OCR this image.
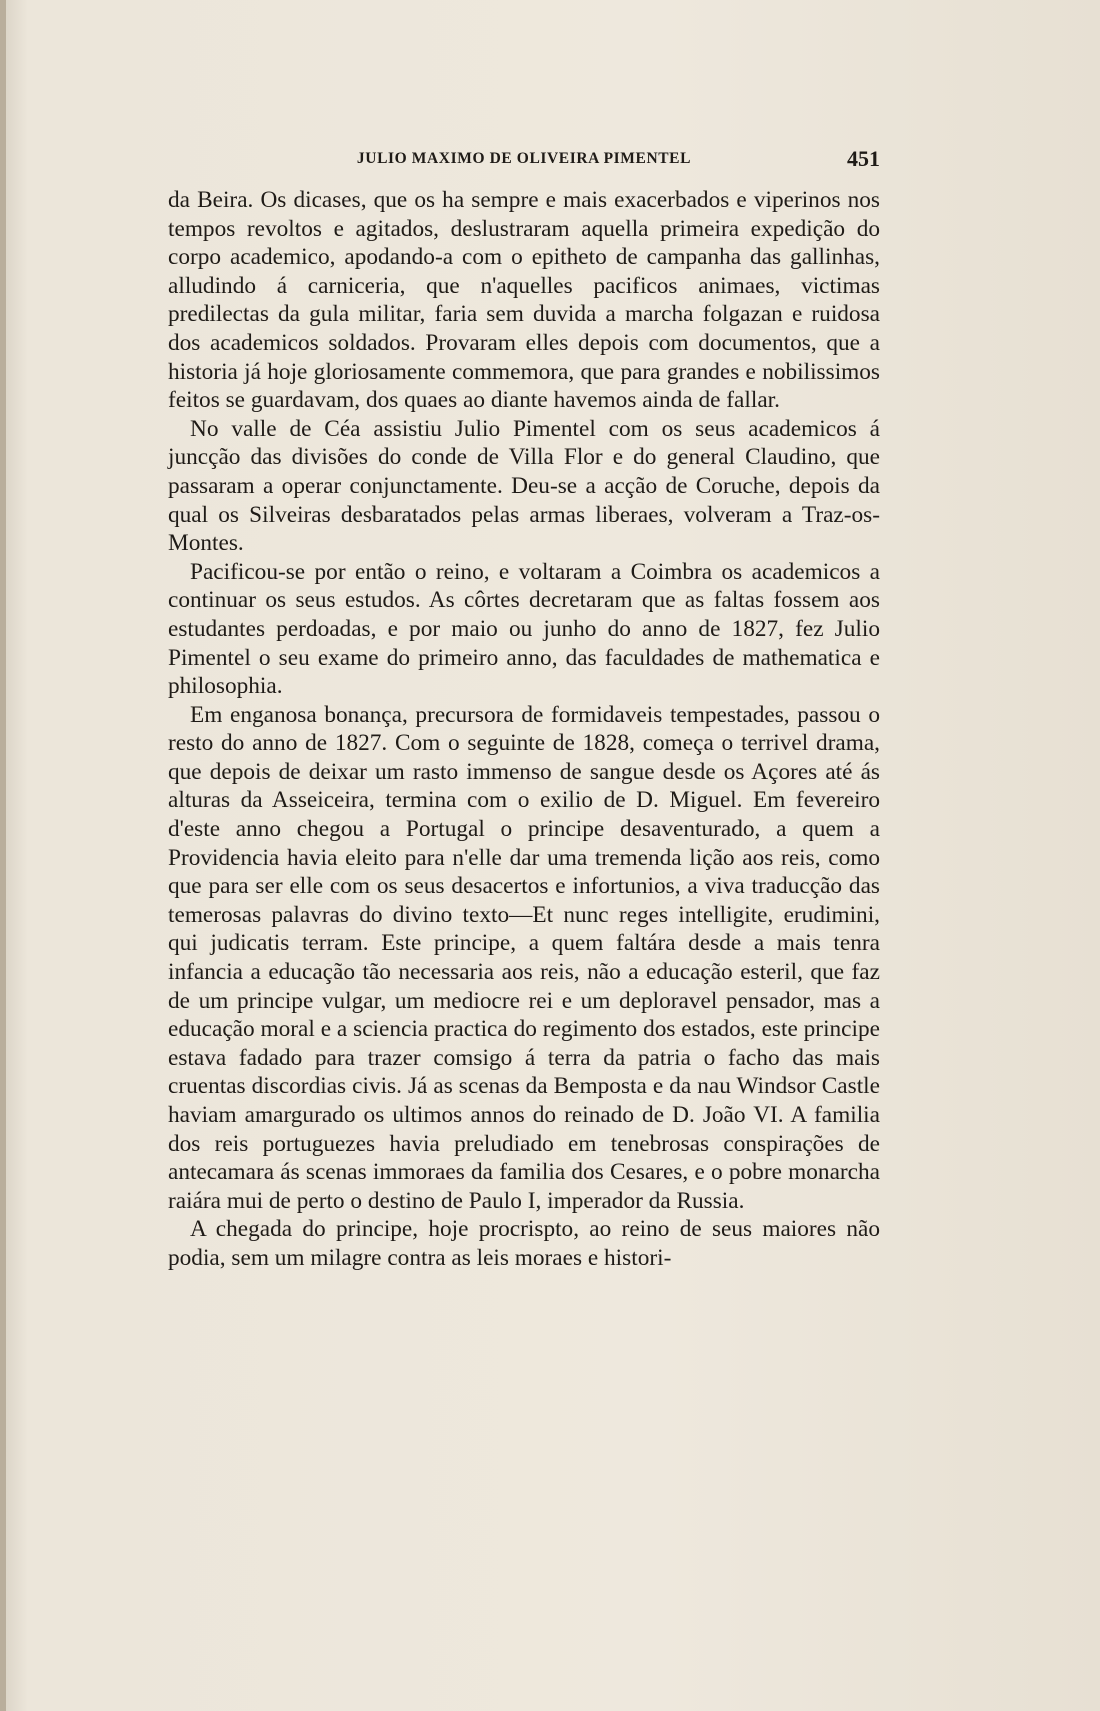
JULIO MAXIMO DE OLIVEIRA PIMENTEL	451

da Beira. Os dicases, que os ha sempre e mais exacerbados e viperinos nos tempos revoltos e agitados, deslustraram aquella primeira expedição do corpo academico, apodando-a com o epitheto de campanha das gallinhas, alludindo á carniceria, que n'aquelles pacificos animaes, victimas predilectas da gula militar, faria sem duvida a marcha folgazan e ruidosa dos academicos soldados. Provaram elles depois com documentos, que a historia já hoje gloriosamente commemora, que para grandes e nobilissimos feitos se guardavam, dos quaes ao diante havemos ainda de fallar.

No valle de Céa assistiu Julio Pimentel com os seus academicos á juncção das divisões do conde de Villa Flor e do general Claudino, que passaram a operar conjunctamente. Deu-se a acção de Coruche, depois da qual os Silveiras desbaratados pelas armas liberaes, volveram a Traz-os-Montes.

Pacificou-se por então o reino, e voltaram a Coimbra os academicos a continuar os seus estudos. As côrtes decretaram que as faltas fossem aos estudantes perdoadas, e por maio ou junho do anno de 1827, fez Julio Pimentel o seu exame do primeiro anno, das faculdades de mathematica e philosophia.

Em enganosa bonança, precursora de formidaveis tempestades, passou o resto do anno de 1827. Com o seguinte de 1828, começa o terrivel drama, que depois de deixar um rasto immenso de sangue desde os Açores até ás alturas da Asseiceira, termina com o exilio de D. Miguel. Em fevereiro d'este anno chegou a Portugal o principe desaventurado, a quem a Providencia havia eleito para n'elle dar uma tremenda lição aos reis, como que para ser elle com os seus desacertos e infortunios, a viva traducção das temerosas palavras do divino texto—Et nunc reges intelligite, erudimini, qui judicatis terram. Este principe, a quem faltára desde a mais tenra infancia a educação tão necessaria aos reis, não a educação esteril, que faz de um principe vulgar, um mediocre rei e um deploravel pensador, mas a educação moral e a sciencia practica do regimento dos estados, este principe estava fadado para trazer comsigo á terra da patria o facho das mais cruentas discordias civis. Já as scenas da Bemposta e da nau Windsor Castle haviam amargurado os ultimos annos do reinado de D. João VI. A familia dos reis portuguezes havia preludiado em tenebrosas conspirações de antecamara ás scenas immoraes da familia dos Cesares, e o pobre monarcha raiára mui de perto o destino de Paulo I, imperador da Russia.

A chegada do principe, hoje procrispto, ao reino de seus maiores não podia, sem um milagre contra as leis moraes e histori-
